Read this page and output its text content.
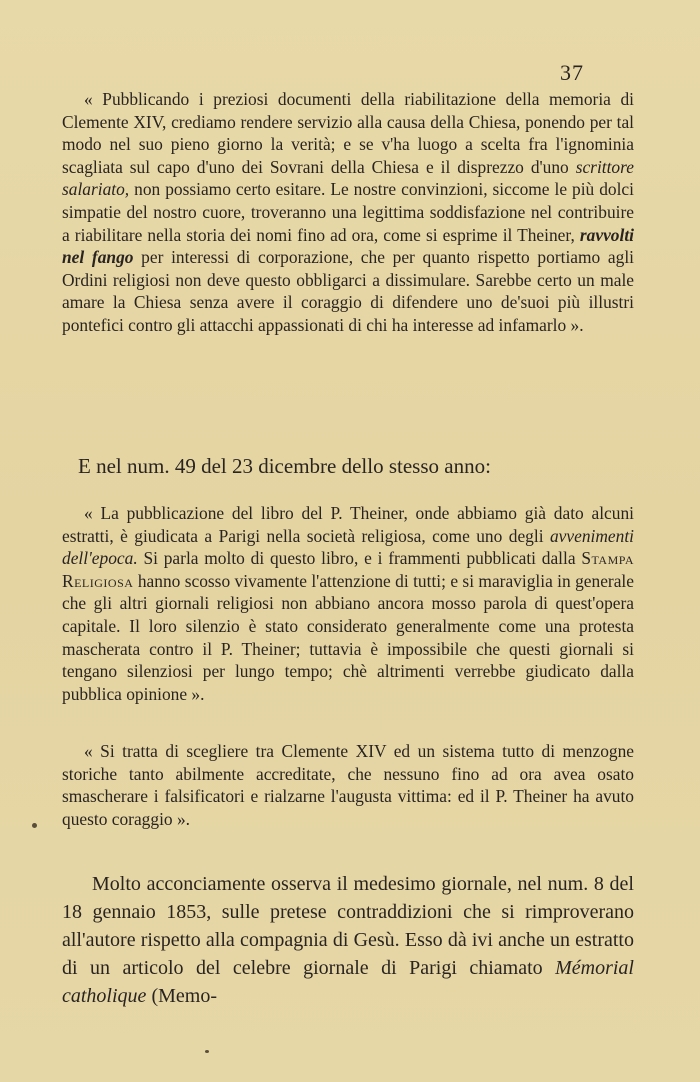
37

« Pubblicando i preziosi documenti della riabilitazione della memoria di Clemente XIV, crediamo rendere servizio alla causa della Chiesa, ponendo per tal modo nel suo pieno giorno la verità; e se v'ha luogo a scelta fra l'ignominia scagliata sul capo d'uno dei Sovrani della Chiesa e il disprezzo d'uno scrittore salariato, non possiamo certo esitare. Le nostre convinzioni, siccome le più dolci simpatie del nostro cuore, troveranno una legittima soddisfazione nel contribuire a riabilitare nella storia dei nomi fino ad ora, come si esprime il Theiner, ravvolti nel fango per interessi di corporazione, che per quanto rispetto portiamo agli Ordini religiosi non deve questo obbligarci a dissimulare. Sarebbe certo un male amare la Chiesa senza avere il coraggio di difendere uno de'suoi più illustri pontefici contro gli attacchi appassionati di chi ha interesse ad infamarlo ».

E nel num. 49 del 23 dicembre dello stesso anno:

« La pubblicazione del libro del P. Theiner, onde abbiamo già dato alcuni estratti, è giudicata a Parigi nella società religiosa, come uno degli avvenimenti dell'epoca. Si parla molto di questo libro, e i frammenti pubblicati dalla Stampa Religiosa hanno scosso vivamente l'attenzione di tutti; e si maraviglia in generale che gli altri giornali religiosi non abbiano ancora mosso parola di quest'opera capitale. Il loro silenzio è stato considerato generalmente come una protesta mascherata contro il P. Theiner; tuttavia è impossibile che questi giornali si tengano silenziosi per lungo tempo; chè altrimenti verrebbe giudicato dalla pubblica opinione ».

« Si tratta di scegliere tra Clemente XIV ed un sistema tutto di menzogne storiche tanto abilmente accreditate, che nessuno fino ad ora avea osato smascherare i falsificatori e rialzarne l'augusta vittima: ed il P. Theiner ha avuto questo coraggio ».

Molto acconciamente osserva il medesimo giornale, nel num. 8 del 18 gennaio 1853, sulle pretese contraddizioni che si rimproverano all'autore rispetto alla compagnia di Gesù. Esso dà ivi anche un estratto di un articolo del celebre giornale di Parigi chiamato Mémorial catholique (Memo-
